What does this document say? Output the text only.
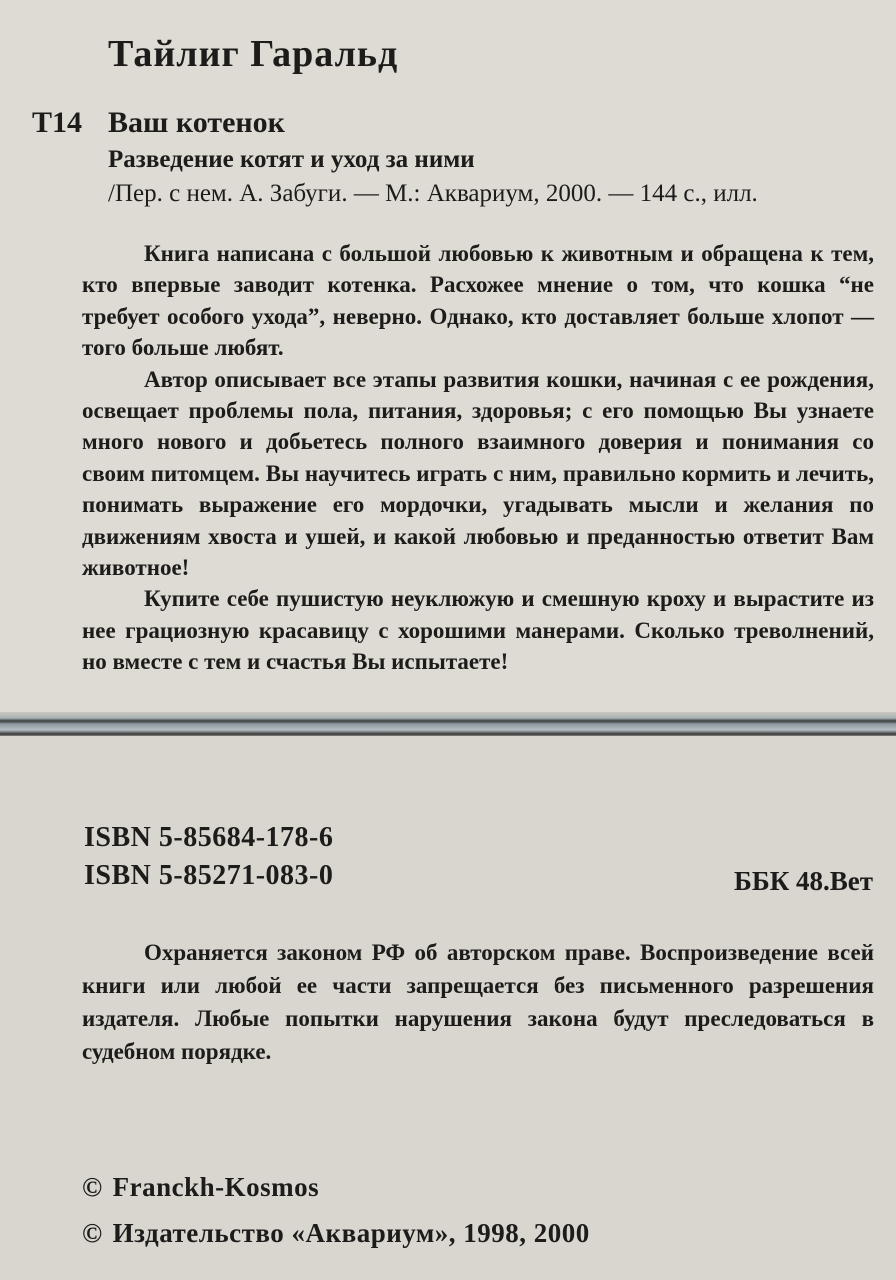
Тайлиг Гаральд
Т14 Ваш котенок
Разведение котят и уход за ними
/Пер. с нем. А. Забуги. — М.: Аквариум, 2000. — 144 с., илл.

Книга написана с большой любовью к животным и обращена к тем, кто впервые заводит котенка. Расхожее мнение о том, что кошка “не требует особого ухода”, неверно. Однако, кто доставляет больше хлопот — того больше любят.

Автор описывает все этапы развития кошки, начиная с ее рождения, освещает проблемы пола, питания, здоровья; с его помощью Вы узнаете много нового и добьетесь полного взаимного доверия и понимания со своим питомцем. Вы научитесь играть с ним, правильно кормить и лечить, понимать выражение его мордочки, угадывать мысли и желания по движениям хвоста и ушей, и какой любовью и преданностью ответит Вам животное!

Купите себе пушистую неуклюжую и смешную кроху и вырастите из нее грациозную красавицу с хорошими манерами. Сколько треволнений, но вместе с тем и счастья Вы испытаете!

ISBN 5-85684-178-6
ISBN 5-85271-083-0	ББК 48.Вет

Охраняется законом РФ об авторском праве. Воспроизведение всей книги или любой ее части запрещается без письменного разрешения издателя. Любые попытки нарушения закона будут преследоваться в судебном порядке.

© Franckh-Kosmos
© Издательство «Аквариум», 1998, 2000
